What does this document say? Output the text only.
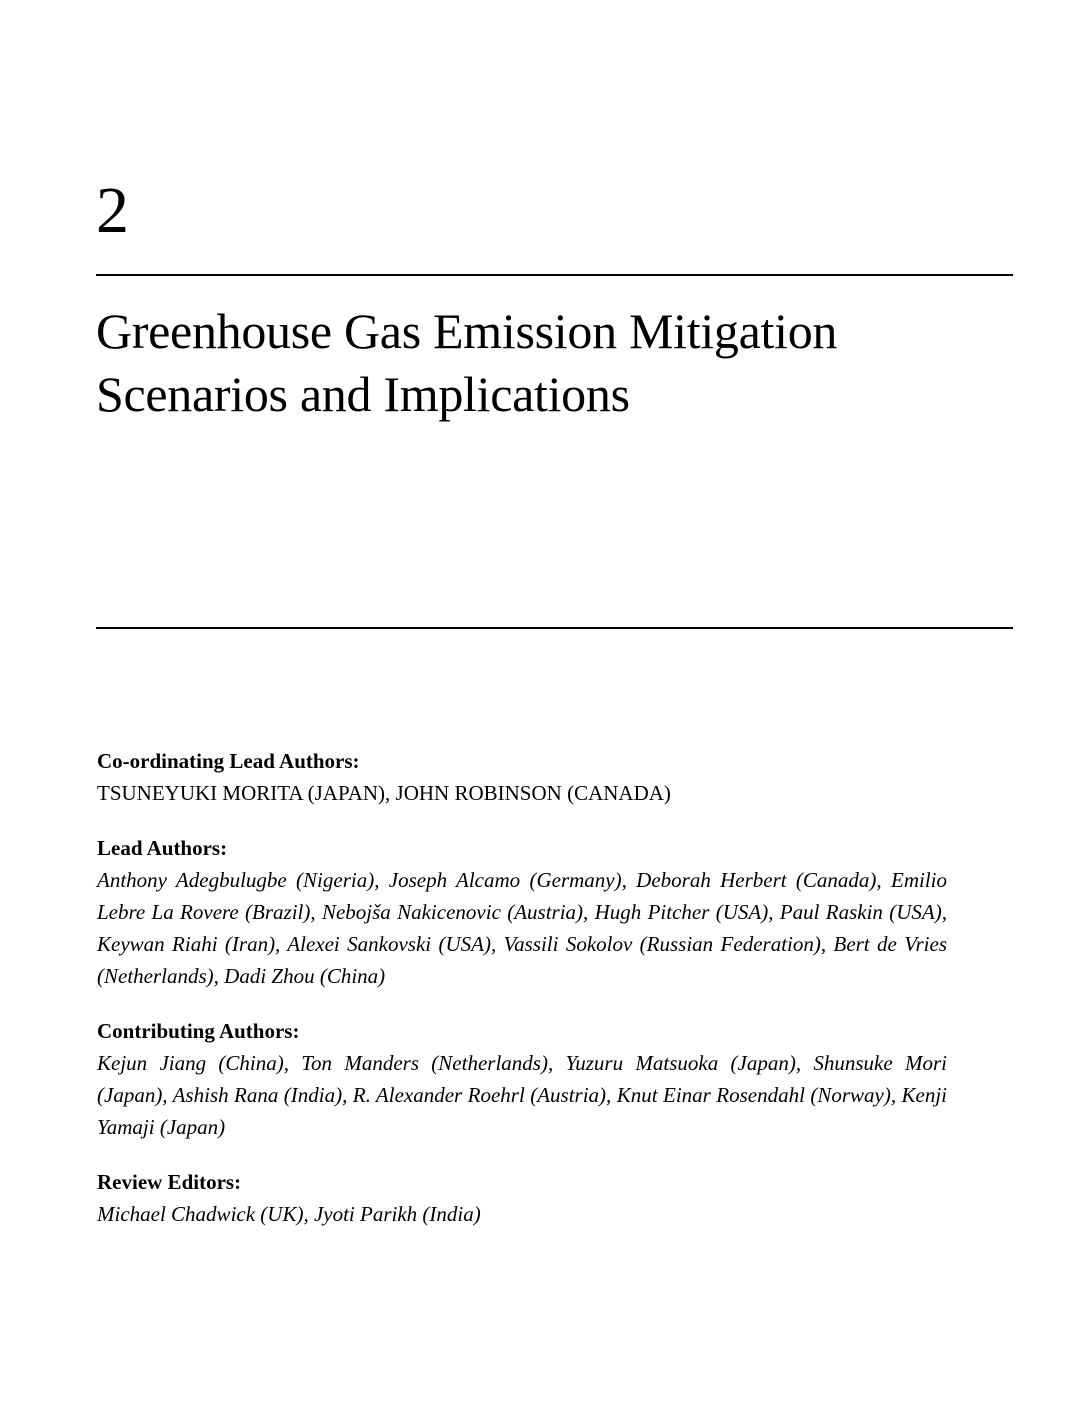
2
Greenhouse Gas Emission Mitigation
Scenarios and Implications

Co-ordinating Lead Authors:

TSUNEYUKI MORITA (JAPAN), JOHN ROBINSON (CANADA)

Lead Authors:

Anthony Adegbulugbe (Nigeria), Joseph Alcamo (Germany), Deborah Herbert (Canada), Emilio Lebre La Rovere (Brazil), Nebojša Nakicenovic (Austria), Hugh Pitcher (USA), Paul Raskin (USA), Keywan Riahi (Iran), Alexei Sankovski (USA), Vassili Sokolov (Russian Federation), Bert de Vries (Netherlands), Dadi Zhou (China)

Contributing Authors:

Kejun Jiang (China), Ton Manders (Netherlands), Yuzuru Matsuoka (Japan), Shunsuke Mori (Japan), Ashish Rana (India), R. Alexander Roehrl (Austria), Knut Einar Rosendahl (Norway), Kenji Yamaji (Japan)

Review Editors:

Michael Chadwick (UK), Jyoti Parikh (India)
